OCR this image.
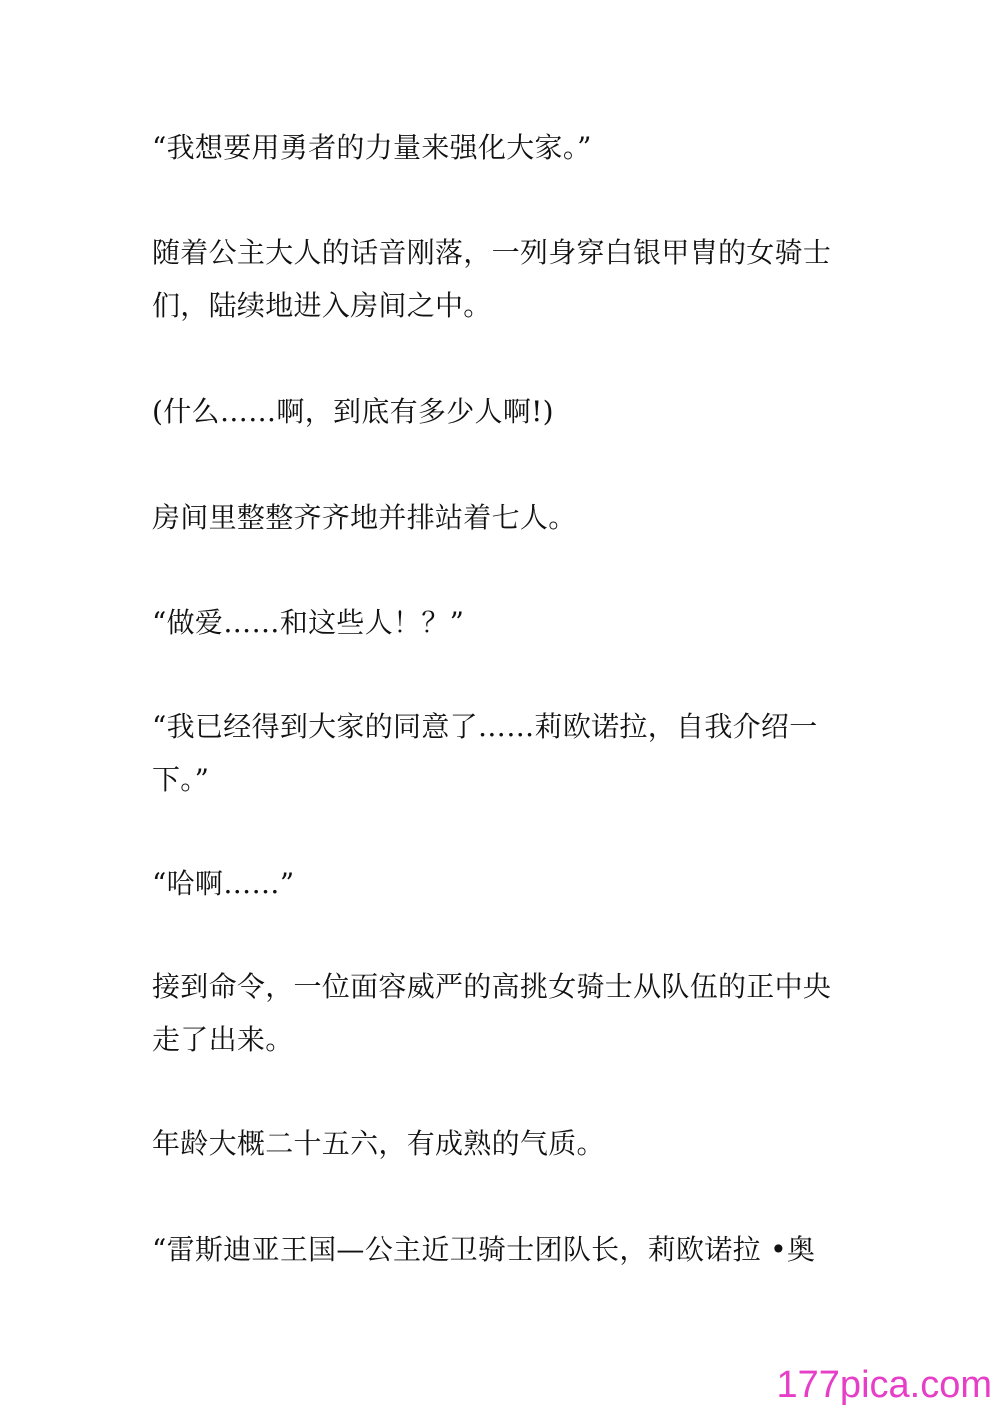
“我想要用勇者的力量来强化大家。”

随着公主大人的话音刚落，一列身穿白银甲胄的女骑士们，陆续地进入房间之中。

(什么……啊，到底有多少人啊!)

房间里整整齐齐地并排站着七人。

“做爱……和这些人！？”

“我已经得到大家的同意了……莉欧诺拉，自我介绍一下。”

“哈啊……”

接到命令，一位面容威严的高挑女骑士从队伍的正中央走了出来。

年龄大概二十五六，有成熟的气质。

“雷斯迪亚王国—公主近卫骑士团队长，莉欧诺拉 •奥

177pica.com
